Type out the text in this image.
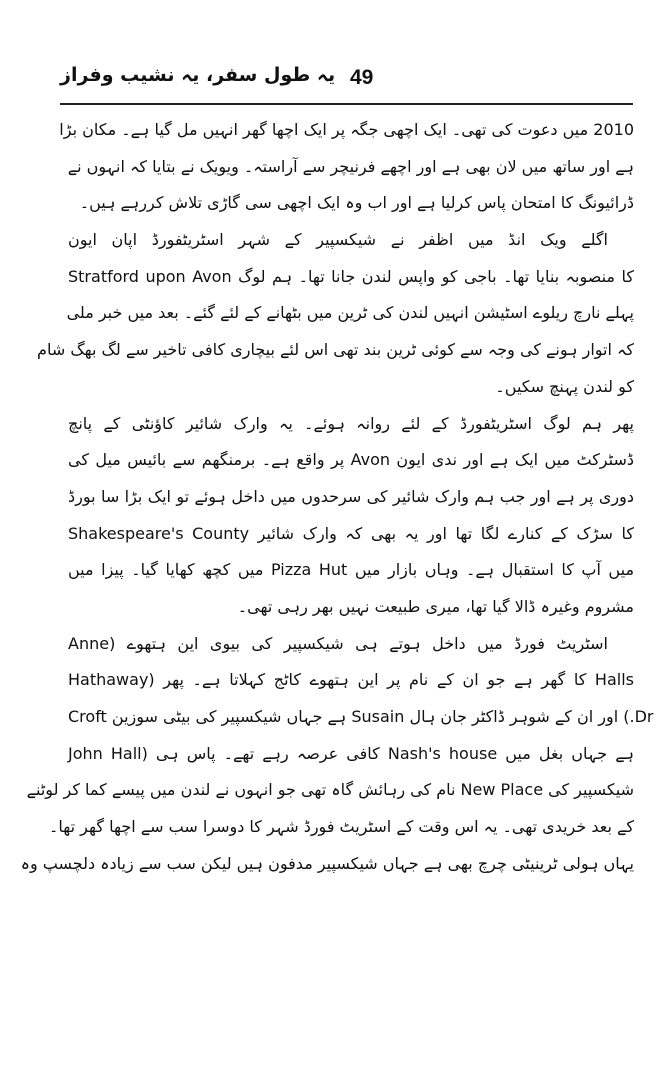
یہ طول سفر، یہ نشیب وفراز 49
2010 میں دعوت کی تھی۔ ایک اچھی جگہ پر ایک اچھا گھر انہیں مل گیا ہے۔ مکان بڑا
ہے اور ساتھ میں لان بھی ہے اور اچھے فرنیچر سے آراستہ۔ ویویک نے بتایا کہ انہوں نے
ڈرائیونگ کا امتحان پاس کرلیا ہے اور اب وہ ایک اچھی سی گاڑی تلاش کررہے ہیں۔
اگلے ویک انڈ میں اظفر نے شیکسپیر کے شہر اسٹریٹفورڈ اپان ایون
Stratford upon Avon کا منصوبہ بنایا تھا۔ باجی کو واپس لندن جانا تھا۔ ہم لوگ
پہلے نارچ ریلوے اسٹیشن انہیں لندن کی ٹرین میں بٹھانے کے لئے گئے۔ بعد میں خبر ملی
کہ اتوار ہونے کی وجہ سے کوئی ٹرین بند تھی اس لئے بیچاری کافی تاخیر سے لگ بھگ شام
کو لندن پہنچ سکیں۔
پھر ہم لوگ اسٹریٹفورڈ کے لئے روانہ ہوئے۔ یہ وارک شائیر کاؤنٹی کے پانچ
ڈسٹرکٹ میں ایک ہے اور ندی ایون Avon پر واقع ہے۔ برمنگھم سے بائیس میل کی
دوری پر ہے اور جب ہم وارک شائیر کی سرحدوں میں داخل ہوئے تو ایک بڑا سا بورڈ
Shakespeare's County کا سڑک کے کنارے لگا تھا اور یہ بھی کہ وارک شائیر
میں آپ کا استقبال ہے۔ وہاں بازار میں Pizza Hut میں کچھ کھایا گیا۔ پیزا میں
مشروم وغیرہ ڈالا گیا تھا، میری طبیعت نہیں بھر رہی تھی۔
اسٹریٹ فورڈ میں داخل ہوتے ہی شیکسپیر کی بیوی این ہتھوے (Anne
Hathaway) کا گھر ہے جو ان کے نام پر این ہتھوے کاٹج کہلاتا ہے۔ پھر Halls
Croft ہے جہاں شیکسپیر کی بیٹی سوزین Susain اور ان کے شوہر ڈاکٹر جان ہال (.Dr
John Hall) کافی عرصہ رہے تھے۔ پاس ہی Nash's house ہے جہاں بغل میں
شیکسپیر کی New Place نام کی رہائش گاہ تھی جو انہوں نے لندن میں پیسے کما کر لوٹنے
کے بعد خریدی تھی۔ یہ اس وقت کے اسٹریٹ فورڈ شہر کا دوسرا سب سے اچھا گھر تھا۔
یہاں ہولی ٹرینیٹی چرچ بھی ہے جہاں شیکسپیر مدفون ہیں لیکن سب سے زیادہ دلچسپ وہ
